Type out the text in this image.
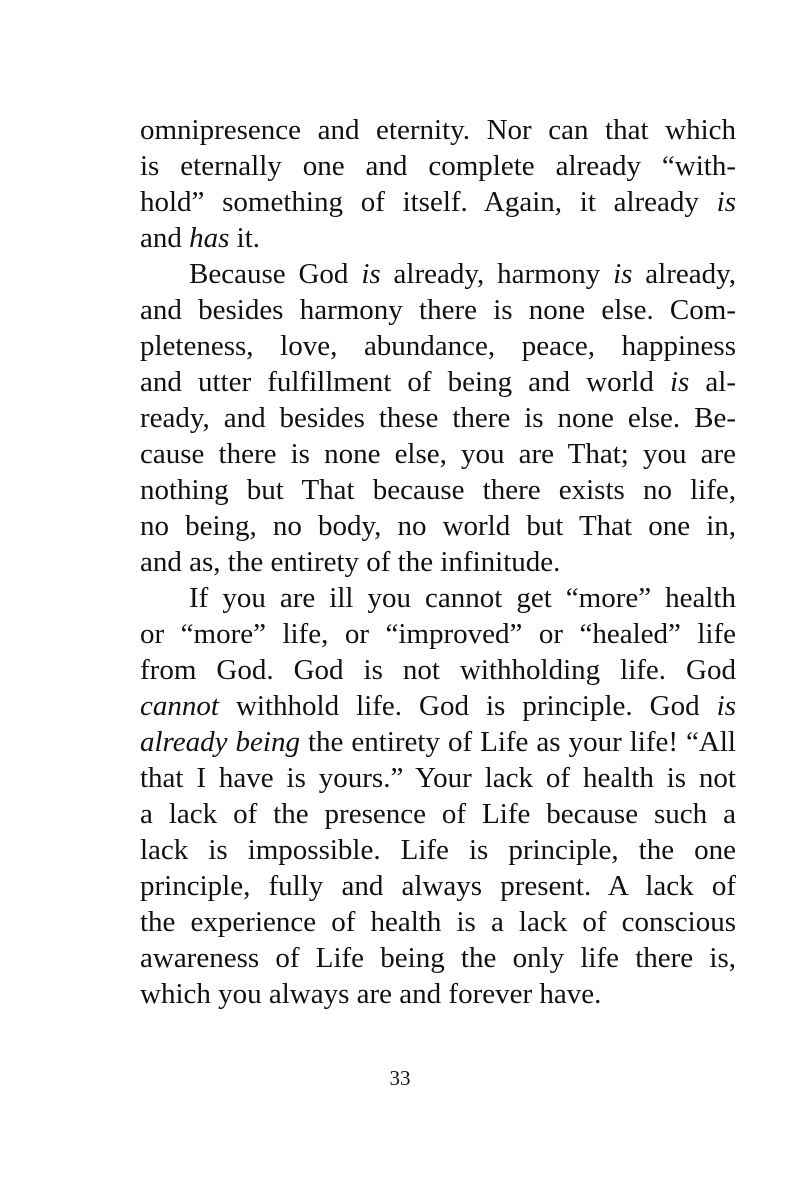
omnipresence and eternity. Nor can that which
is eternally one and complete already “with-
hold” something of itself. Again, it already is
and has it.
Because God is already, harmony is already,
and besides harmony there is none else. Com-
pleteness, love, abundance, peace, happiness
and utter fulfillment of being and world is al-
ready, and besides these there is none else. Be-
cause there is none else, you are That; you are
nothing but That because there exists no life,
no being, no body, no world but That one in,
and as, the entirety of the infinitude.
If you are ill you cannot get “more” health
or “more” life, or “improved” or “healed” life
from God. God is not withholding life. God
cannot withhold life. God is principle. God is
already being the entirety of Life as your life! “All
that I have is yours.” Your lack of health is not
a lack of the presence of Life because such a
lack is impossible. Life is principle, the one
principle, fully and always present. A lack of
the experience of health is a lack of conscious
awareness of Life being the only life there is,
which you always are and forever have.
33
